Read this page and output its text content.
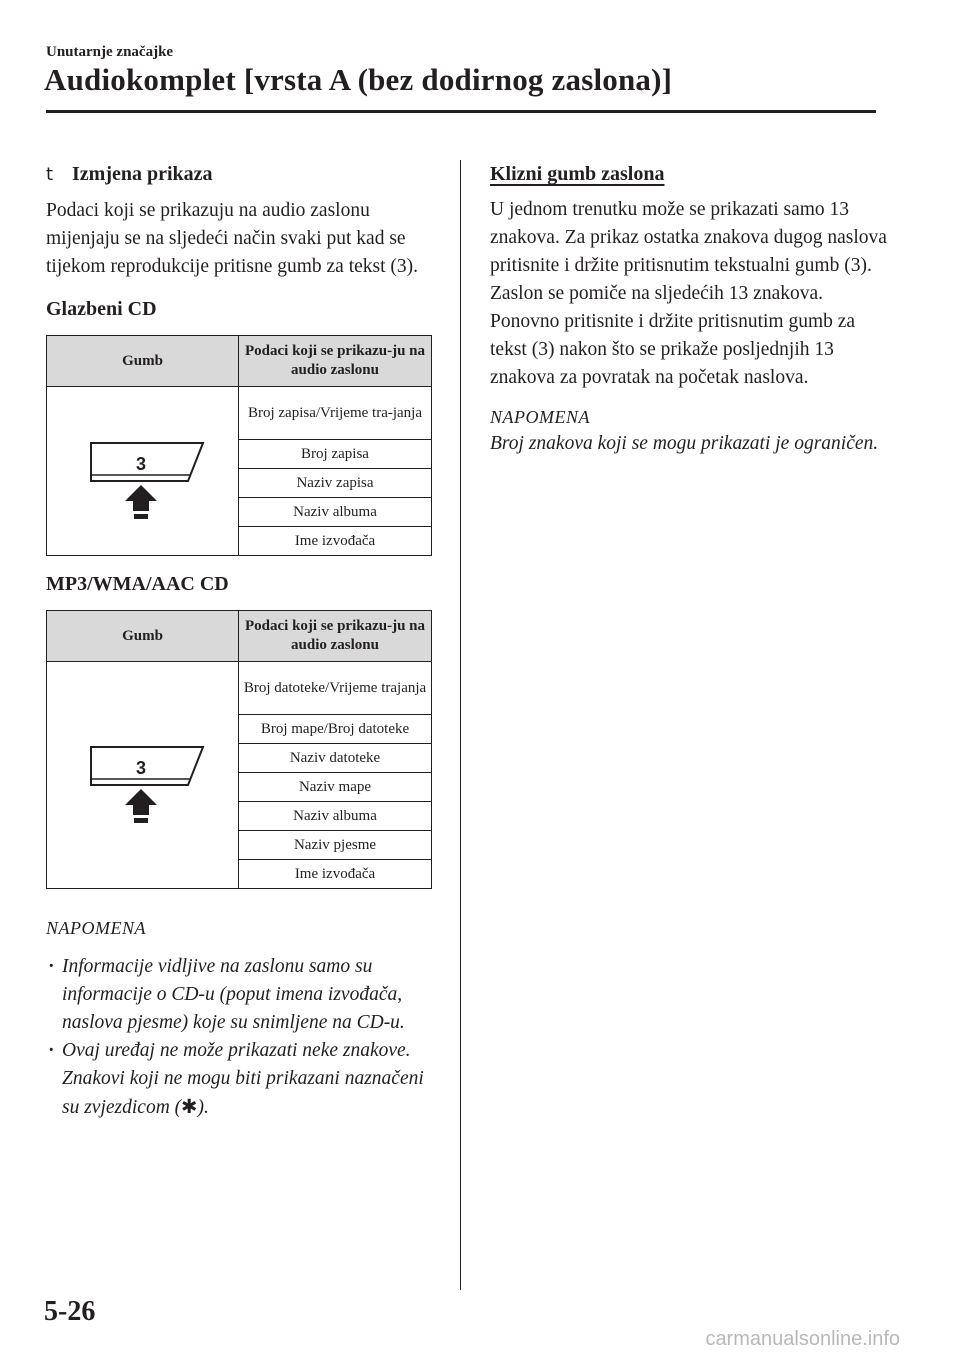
Unutarnje značajke
Audiokomplet [vrsta A (bez dodirnog zaslona)]
t Izmjena prikaza

Podaci koji se prikazuju na audio zaslonu mijenjaju se na sljedeći način svaki put kad se tijekom reprodukcije pritisne gumb za tekst (3).

Glazbeni CD
Gumb	Podaci koji se prikazu-ju na audio zaslonu

3	Broj zapisa/Vrijeme tra-janja
	Broj zapisa
	Naziv zapisa
	Naziv albuma
	Ime izvođača
MP3/WMA/AAC CD
Gumb	Podaci koji se prikazu-ju na audio zaslonu

3	Broj datoteke/Vrijeme trajanja
	Broj mape/Broj datoteke
	Naziv datoteke
	Naziv mape
	Naziv albuma
	Naziv pjesme
	Ime izvođača

NAPOMENA

· Informacije vidljive na zaslonu samo su informacije o CD-u (poput imena izvođača, naslova pjesme) koje su snimljene na CD-u.
· Ovaj uređaj ne može prikazati neke znakove. Znakovi koji ne mogu biti prikazani naznačeni su zvjezdicom (✱).
Klizni gumb zaslona

U jednom trenutku može se prikazati samo 13 znakova. Za prikaz ostatka znakova dugog naslova pritisnite i držite pritisnutim tekstualni gumb (3). Zaslon se pomiče na sljedećih 13 znakova. Ponovno pritisnite i držite pritisnutim gumb za tekst (3) nakon što se prikaže posljednjih 13 znakova za povratak na početak naslova.

NAPOMENA

Broj znakova koji se mogu prikazati je ograničen.

5-26
carmanualsonline.info
